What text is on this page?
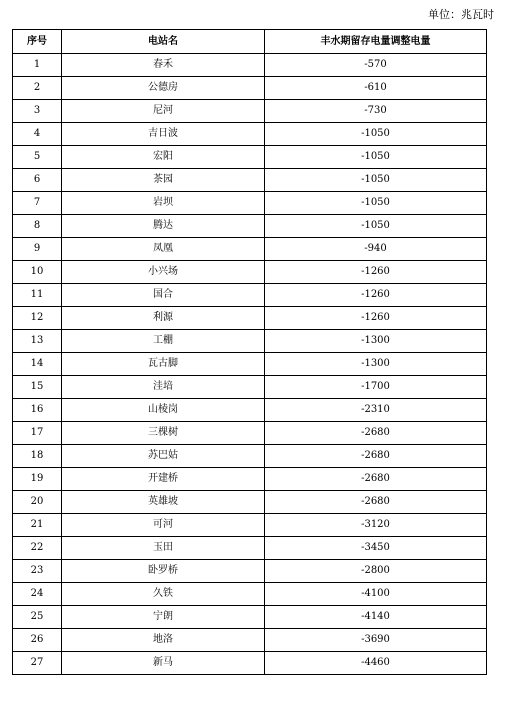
单位：兆瓦时
序号	电站名	丰水期留存电量调整电量
1	春禾	-570
2	公德房	-610
3	尼河	-730
4	吉日波	-1050
5	宏阳	-1050
6	茶园	-1050
7	岩坝	-1050
8	腾达	-1050
9	凤凰	-940
10	小兴场	-1260
11	国合	-1260
12	利源	-1260
13	工棚	-1300
14	瓦古脚	-1300
15	洼堷	-1700
16	山棱岗	-2310
17	三棵树	-2680
18	苏巴姑	-2680
19	开建桥	-2680
20	英雄坡	-2680
21	可河	-3120
22	玉田	-3450
23	卧罗桥	-2800
24	久铁	-4100
25	宁朗	-4140
26	地洛	-3690
27	新马	-4460
